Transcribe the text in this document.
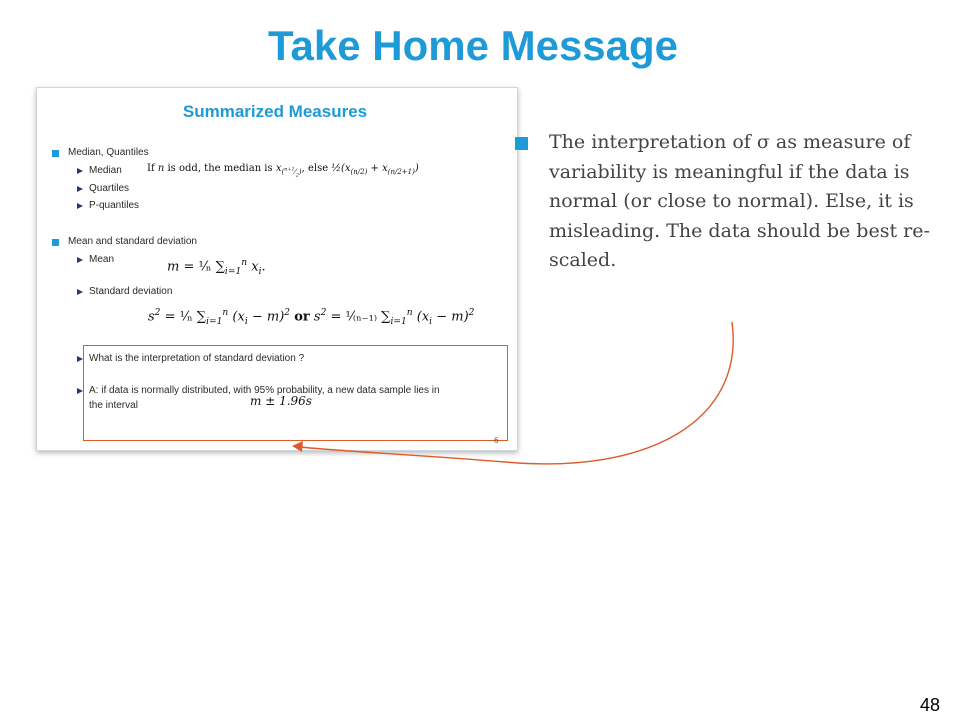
Take Home Message
Summarized Measures
Median, Quantiles
Median	If n is odd, the median is $x_{(^{n+1}⁄_2)}$, else $\frac{1}{2}(x_{(n/2)} + x_{(n/2+1)})$
Quartiles
P-quantiles
Mean and standard deviation
Mean	m = ¹⁄ₙ $\sum_{i=1}^n$ $x_i$.
Standard deviation
$s^2$ = ¹⁄ₙ $\sum_{i=1}^n$ $(x_i - m)^2$ or $s^2$ = ¹⁄₍ₙ₋₁₎ $\sum_{i=1}^n$ $(x_i - m)^2$
What is the interpretation of standard deviation ?
A: if data is normally distributed, with 95% probability, a new data sample lies in
the interval	m ± 1.96s
6
The interpretation of σ as measure of variability is meaningful if the data is normal (or close to normal). Else, it is misleading. The data should be best re-scaled.
48
